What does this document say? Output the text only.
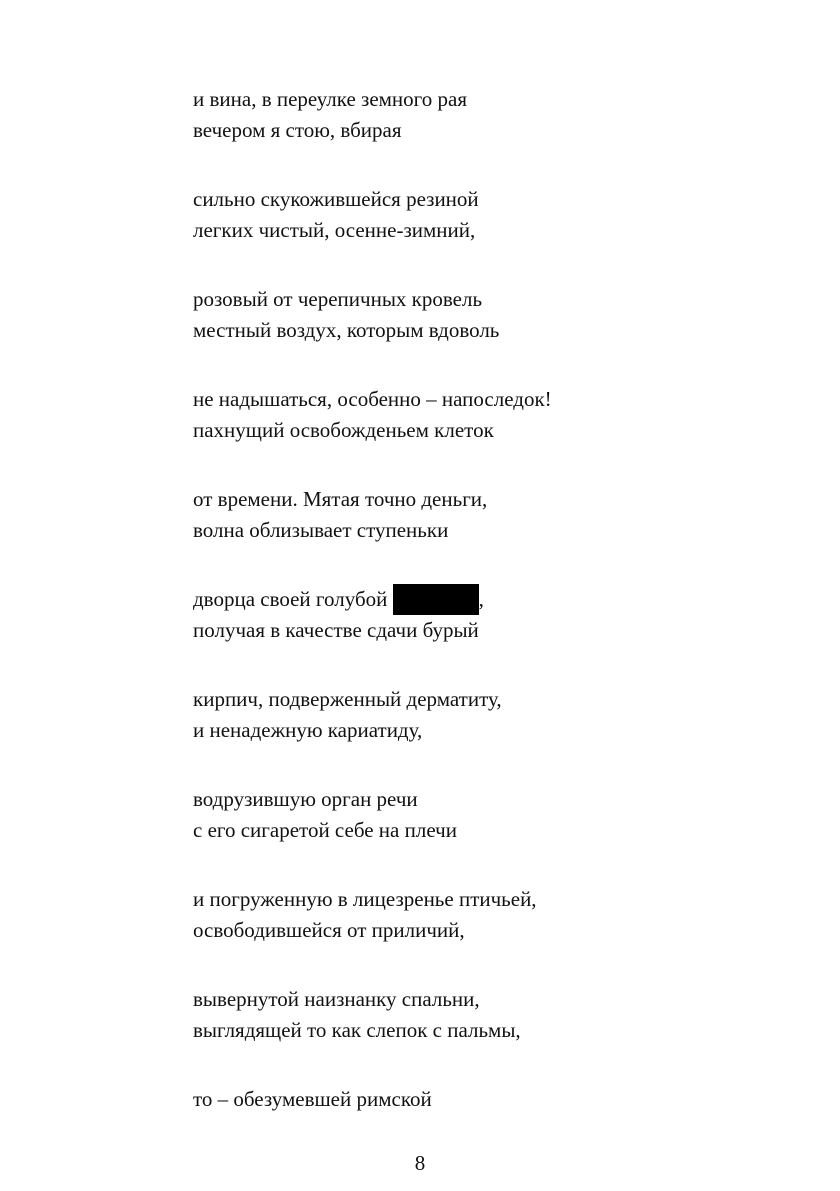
и вина, в переулке земного рая
вечером я стою, вбирая
сильно скукожившейся резиной
легких чистый, осенне-зимний,
розовый от черепичных кровель
местный воздух, которым вдоволь
не надышаться, особенно – напоследок!
пахнущий освобожденьем клеток
от времени. Мятая точно деньги,
волна облизывает ступеньки
дворца своей голубой	,
получая в качестве сдачи бурый
кирпич, подверженный дерматиту,
и ненадежную кариатиду,
водрузившую орган речи
с его сигаретой себе на плечи
и погруженную в лицезренье птичьей,
освободившейся от приличий,
вывернутой наизнанку спальни,
выглядящей то как слепок с пальмы,
то – обезумевшей римской
8
